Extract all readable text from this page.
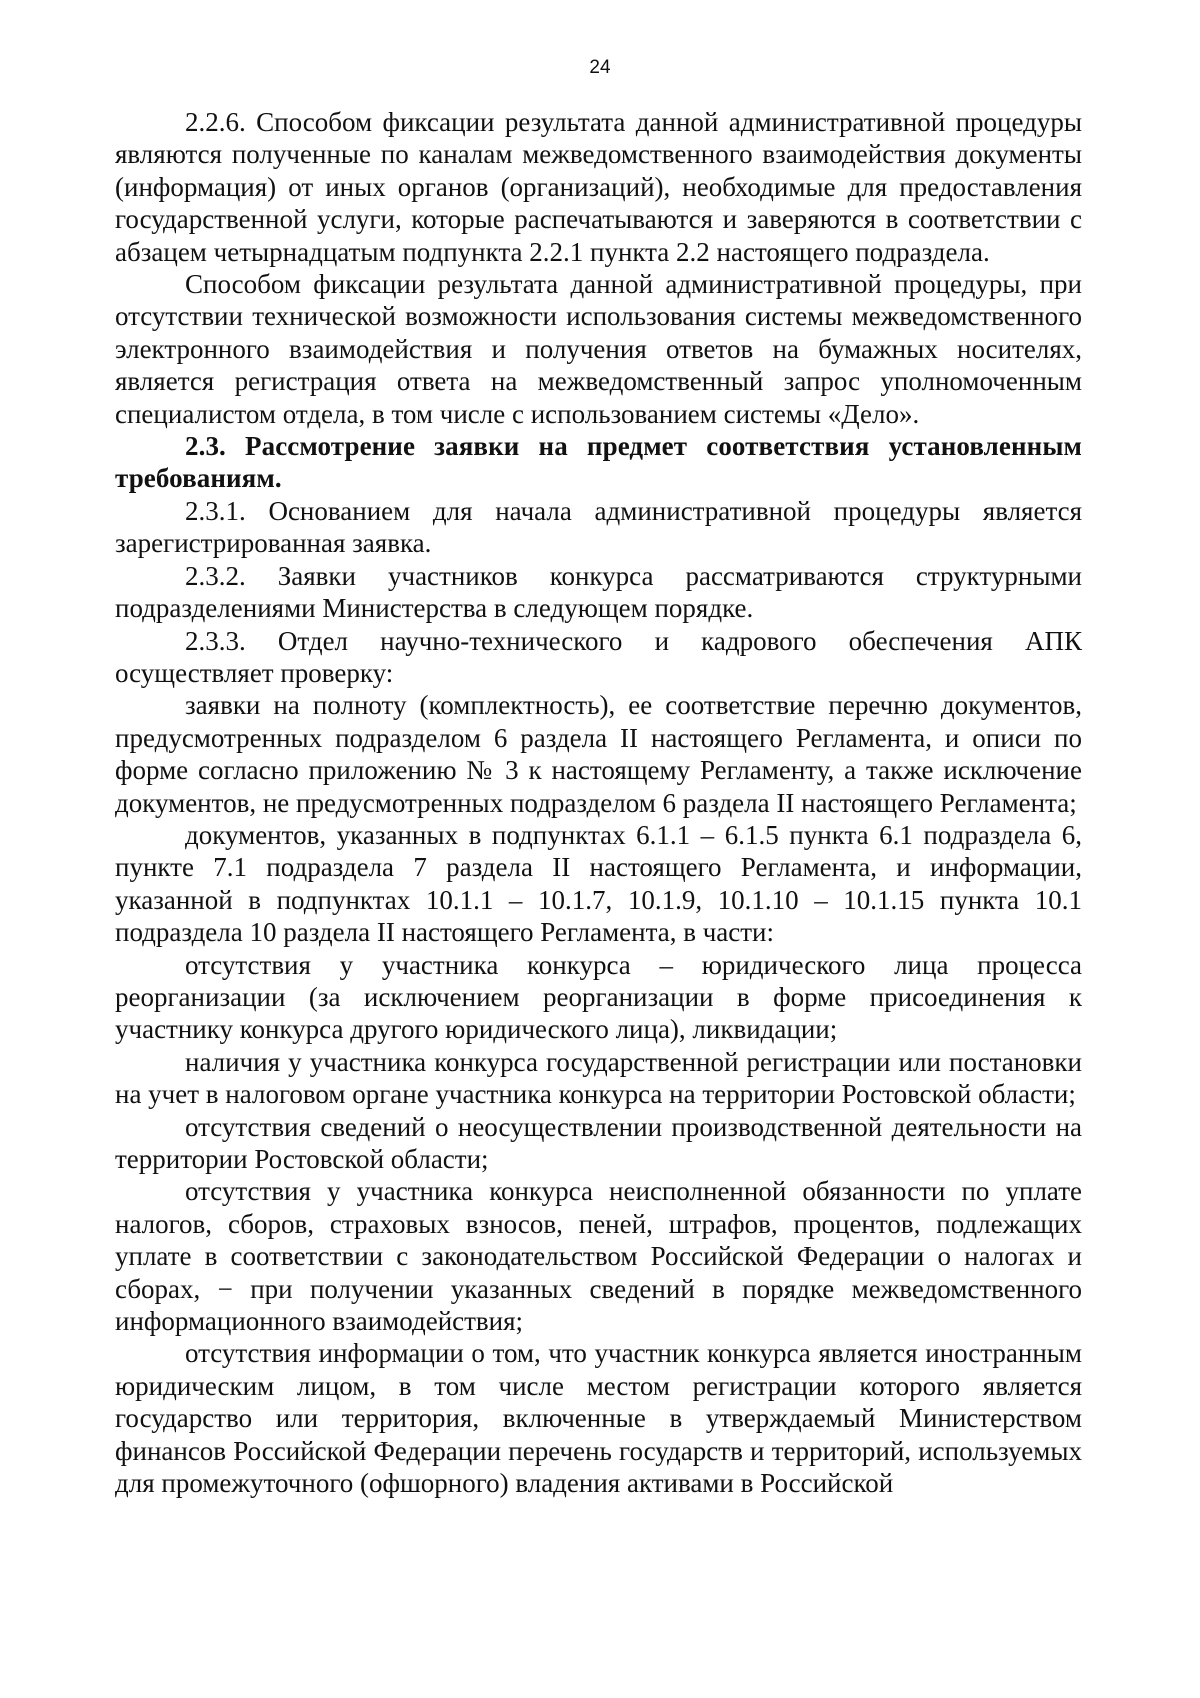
24

2.2.6. Способом фиксации результата данной административной процедуры являются полученные по каналам межведомственного взаимодействия документы (информация) от иных органов (организаций), необходимые для предоставления государственной услуги, которые распечатываются и заверяются в соответствии с абзацем четырнадцатым подпункта 2.2.1 пункта 2.2 настоящего подраздела.

Способом фиксации результата данной административной процедуры, при отсутствии технической возможности использования системы межведомственного электронного взаимодействия и получения ответов на бумажных носителях, является регистрация ответа на межведомственный запрос уполномоченным специалистом отдела, в том числе с использованием системы «Дело».

2.3. Рассмотрение заявки на предмет соответствия установленным требованиям.

2.3.1. Основанием для начала административной процедуры является зарегистрированная заявка.

2.3.2. Заявки участников конкурса рассматриваются структурными подразделениями Министерства в следующем порядке.

2.3.3. Отдел научно-технического и кадрового обеспечения АПК осуществляет проверку:

заявки на полноту (комплектность), ее соответствие перечню документов, предусмотренных подразделом 6 раздела II настоящего Регламента, и описи по форме согласно приложению № 3 к настоящему Регламенту, а также исключение документов, не предусмотренных подразделом 6 раздела II настоящего Регламента;

документов, указанных в подпунктах 6.1.1 – 6.1.5 пункта 6.1 подраздела 6, пункте 7.1 подраздела 7 раздела II настоящего Регламента, и информации, указанной в подпунктах 10.1.1 – 10.1.7, 10.1.9, 10.1.10 – 10.1.15 пункта 10.1 подраздела 10 раздела II настоящего Регламента, в части:

отсутствия у участника конкурса – юридического лица процесса реорганизации (за исключением реорганизации в форме присоединения к участнику конкурса другого юридического лица), ликвидации;

наличия у участника конкурса государственной регистрации или постановки на учет в налоговом органе участника конкурса на территории Ростовской области;

отсутствия сведений о неосуществлении производственной деятельности на территории Ростовской области;

отсутствия у участника конкурса неисполненной обязанности по уплате налогов, сборов, страховых взносов, пеней, штрафов, процентов, подлежащих уплате в соответствии с законодательством Российской Федерации о налогах и сборах, − при получении указанных сведений в порядке межведомственного информационного взаимодействия;

отсутствия информации о том, что участник конкурса является иностранным юридическим лицом, в том числе местом регистрации которого является государство или территория, включенные в утверждаемый Министерством финансов Российской Федерации перечень государств и территорий, используемых для промежуточного (офшорного) владения активами в Российской
